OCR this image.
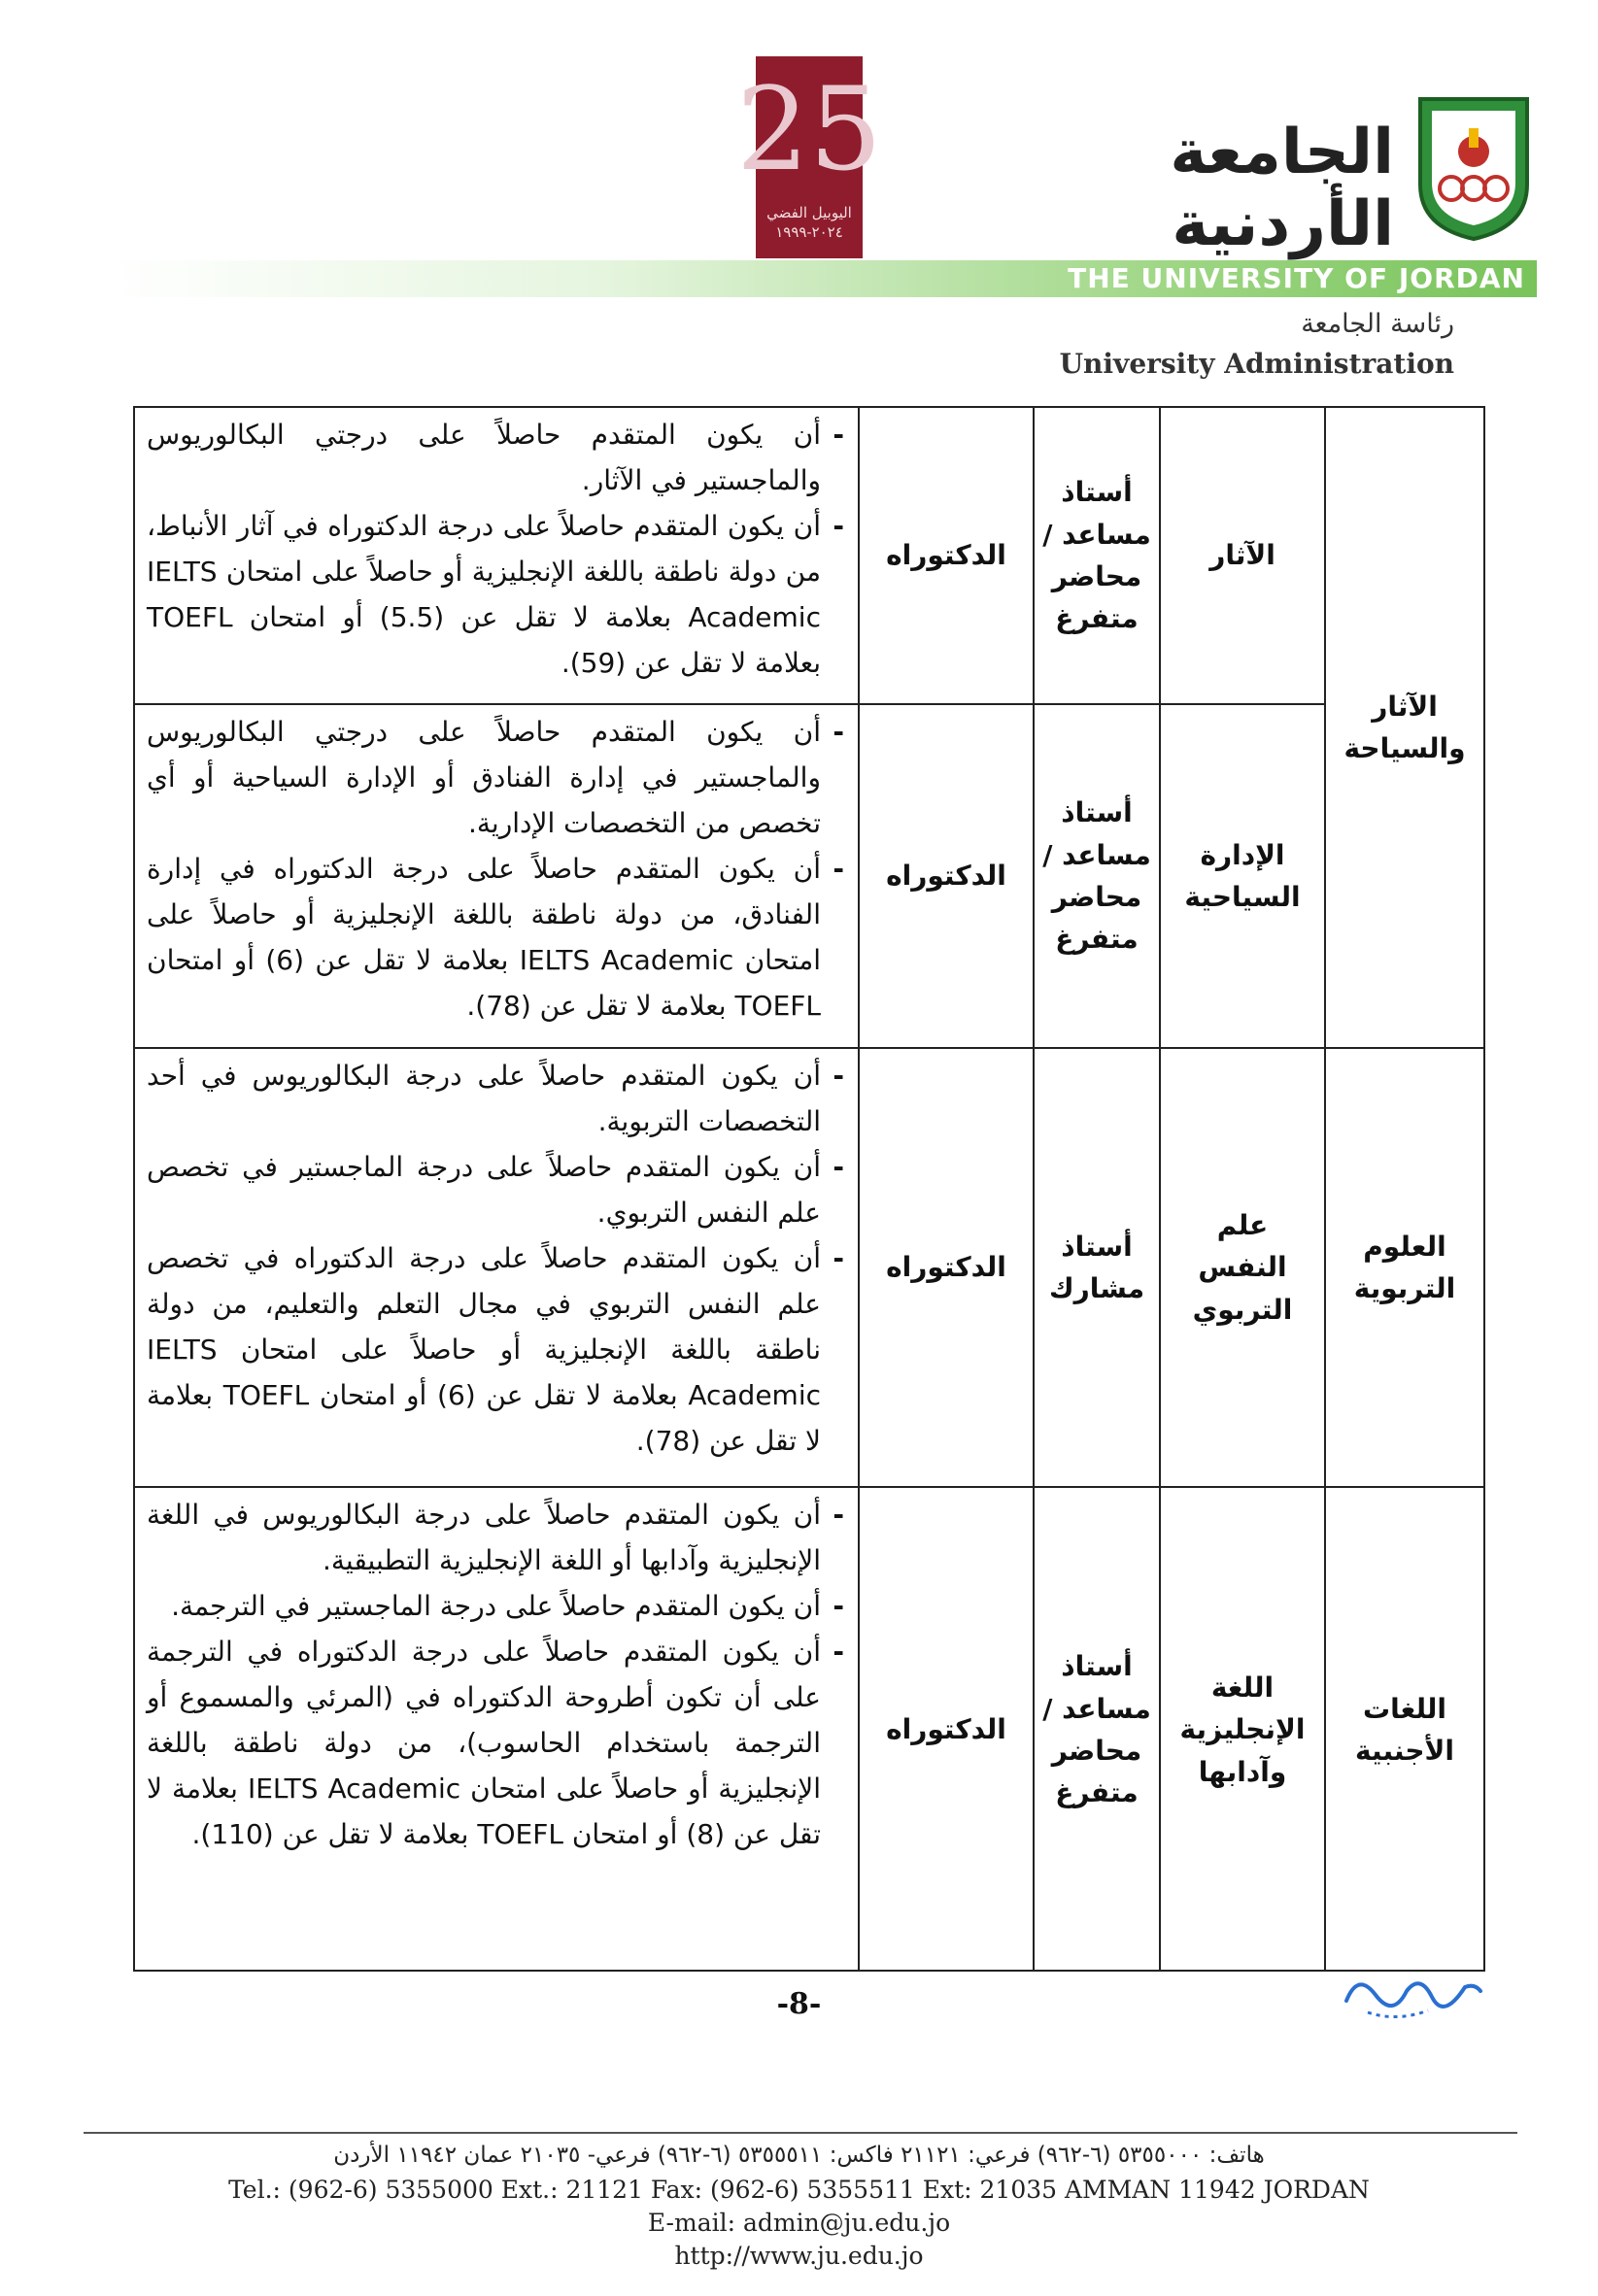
25
اليوبيل الفضي
٢٠٢٤-١٩٩٩
الجامعة الأردنية
THE UNIVERSITY OF JORDAN
رئاسة الجامعة
University Administration
الآثار والسياحة
العلوم التربوية
اللغات الأجنبية
الآثار
أستاذ مساعد / محاضر متفرغ
الدكتوراه

- أن يكون المتقدم حاصلاً على درجتي البكالوريوس والماجستير في الآثار.

- أن يكون المتقدم حاصلاً على درجة الدكتوراه في آثار الأنباط، من دولة ناطقة باللغة الإنجليزية أو حاصلاً على امتحان IELTS Academic بعلامة لا تقل عن (5.5) أو امتحان TOEFL بعلامة لا تقل عن (59).

الإدارة السياحية
أستاذ مساعد / محاضر متفرغ
الدكتوراه

- أن يكون المتقدم حاصلاً على درجتي البكالوريوس والماجستير في إدارة الفنادق أو الإدارة السياحية أو أي تخصص من التخصصات الإدارية.

- أن يكون المتقدم حاصلاً على درجة الدكتوراه في إدارة الفنادق، من دولة ناطقة باللغة الإنجليزية أو حاصلاً على امتحان IELTS Academic بعلامة لا تقل عن (6) أو امتحان TOEFL بعلامة لا تقل عن (78).

علم النفس التربوي
أستاذ مشارك
الدكتوراه

- أن يكون المتقدم حاصلاً على درجة البكالوريوس في أحد التخصصات التربوية.

- أن يكون المتقدم حاصلاً على درجة الماجستير في تخصص علم النفس التربوي.

- أن يكون المتقدم حاصلاً على درجة الدكتوراه في تخصص علم النفس التربوي في مجال التعلم والتعليم، من دولة ناطقة باللغة الإنجليزية أو حاصلاً على امتحان IELTS Academic بعلامة لا تقل عن (6) أو امتحان TOEFL بعلامة لا تقل عن (78).

اللغة الإنجليزية وآدابها
أستاذ مساعد / محاضر متفرغ
الدكتوراه

- أن يكون المتقدم حاصلاً على درجة البكالوريوس في اللغة الإنجليزية وآدابها أو اللغة الإنجليزية التطبيقية.

- أن يكون المتقدم حاصلاً على درجة الماجستير في الترجمة.

- أن يكون المتقدم حاصلاً على درجة الدكتوراه في الترجمة على أن تكون أطروحة الدكتوراه في (المرئي والمسموع أو الترجمة باستخدام الحاسوب)، من دولة ناطقة باللغة الإنجليزية أو حاصلاً على امتحان IELTS Academic بعلامة لا تقل عن (8) أو امتحان TOEFL بعلامة لا تقل عن (110).

-8-
هاتف: ٥٣٥٥٠٠٠ (٦-٩٦٢) فرعي: ٢١١٢١ فاكس: ٥٣٥٥٥١١ (٦-٩٦٢) فرعي- ٢١٠٣٥ عمان ١١٩٤٢ الأردن
Tel.: (962-6) 5355000 Ext.: 21121 Fax: (962-6) 5355511 Ext: 21035 AMMAN 11942 JORDAN
E-mail: admin@ju.edu.jo
http://www.ju.edu.jo
